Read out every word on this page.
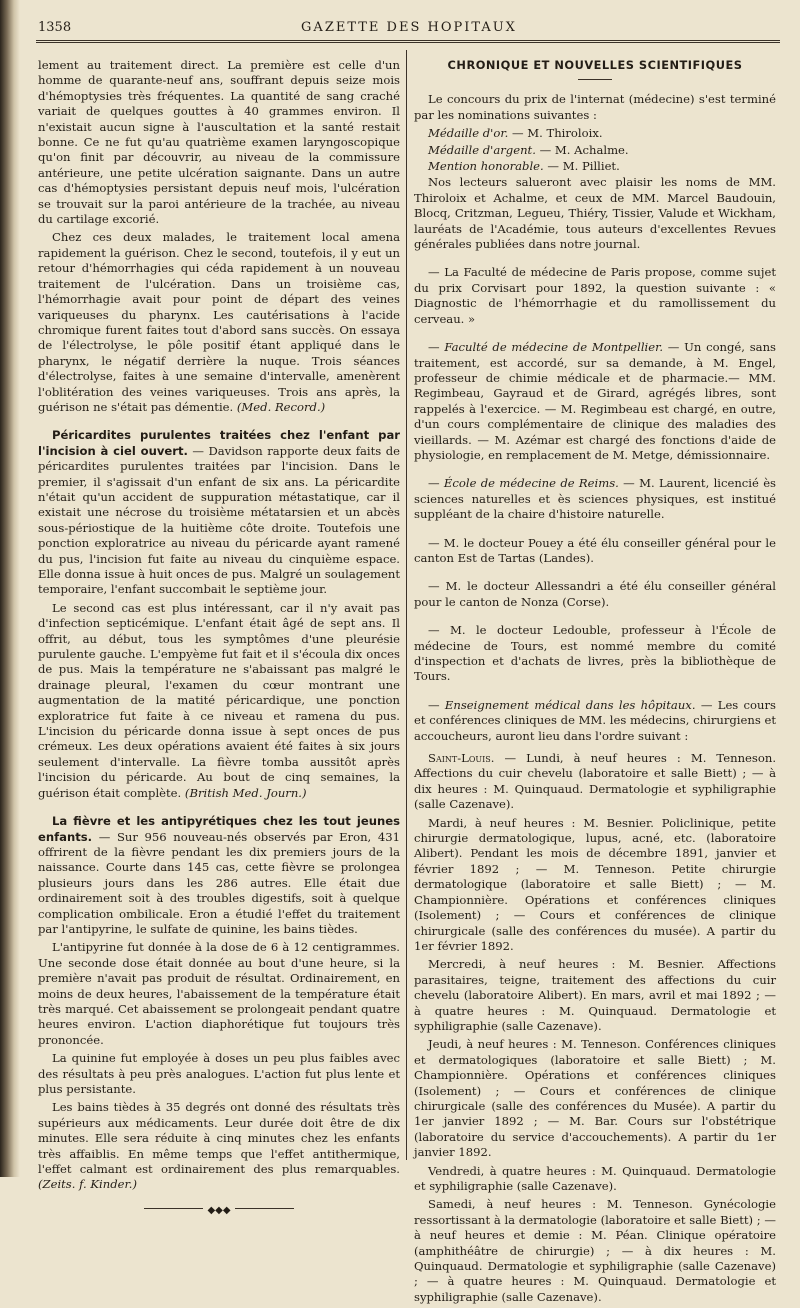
1358	GAZETTE DES HOPITAUX

lement au traitement direct. La première est celle d'un homme de quarante-neuf ans, souffrant depuis seize mois d'hémoptysies très fréquentes. La quantité de sang craché variait de quelques gouttes à 40 grammes environ. Il n'existait aucun signe à l'auscultation et la santé restait bonne. Ce ne fut qu'au quatrième examen laryngoscopique qu'on finit par découvrir, au niveau de la commissure antérieure, une petite ulcération saignante. Dans un autre cas d'hémoptysies persistant depuis neuf mois, l'ulcération se trouvait sur la paroi antérieure de la trachée, au niveau du cartilage excorié.

Chez ces deux malades, le traitement local amena rapidement la guérison. Chez le second, toutefois, il y eut un retour d'hémorrhagies qui céda rapidement à un nouveau traitement de l'ulcération. Dans un troisième cas, l'hémorrhagie avait pour point de départ des veines variqueuses du pharynx. Les cautérisations à l'acide chromique furent faites tout d'abord sans succès. On essaya de l'électrolyse, le pôle positif étant appliqué dans le pharynx, le négatif derrière la nuque. Trois séances d'électrolyse, faites à une semaine d'intervalle, amenèrent l'oblitération des veines variqueuses. Trois ans après, la guérison ne s'était pas démentie. (Med. Record.)

Péricardites purulentes traitées chez l'enfant par l'incision à ciel ouvert. — Davidson rapporte deux faits de péricardites purulentes traitées par l'incision. Dans le premier, il s'agissait d'un enfant de six ans. La péricardite n'était qu'un accident de suppuration métastatique, car il existait une nécrose du troisième métatarsien et un abcès sous-périostique de la huitième côte droite. Toutefois une ponction exploratrice au niveau du péricarde ayant ramené du pus, l'incision fut faite au niveau du cinquième espace. Elle donna issue à huit onces de pus. Malgré un soulagement temporaire, l'enfant succombait le septième jour.

Le second cas est plus intéressant, car il n'y avait pas d'infection septicémique. L'enfant était âgé de sept ans. Il offrit, au début, tous les symptômes d'une pleurésie purulente gauche. L'empyème fut fait et il s'écoula dix onces de pus. Mais la température ne s'abaissant pas malgré le drainage pleural, l'examen du cœur montrant une augmentation de la matité péricardique, une ponction exploratrice fut faite à ce niveau et ramena du pus. L'incision du péricarde donna issue à sept onces de pus crémeux. Les deux opérations avaient été faites à six jours seulement d'intervalle. La fièvre tomba aussitôt après l'incision du péricarde. Au bout de cinq semaines, la guérison était complète. (British Med. Journ.)

La fièvre et les antipyrétiques chez les tout jeunes enfants. — Sur 956 nouveau-nés observés par Eron, 431 offrirent de la fièvre pendant les dix premiers jours de la naissance. Courte dans 145 cas, cette fièvre se prolongea plusieurs jours dans les 286 autres. Elle était due ordinairement soit à des troubles digestifs, soit à quelque complication ombilicale. Eron a étudié l'effet du traitement par l'antipyrine, le sulfate de quinine, les bains tièdes.

L'antipyrine fut donnée à la dose de 6 à 12 centigrammes. Une seconde dose était donnée au bout d'une heure, si la première n'avait pas produit de résultat. Ordinairement, en moins de deux heures, l'abaissement de la température était très marqué. Cet abaissement se prolongeait pendant quatre heures environ. L'action diaphorétique fut toujours très prononcée.

La quinine fut employée à doses un peu plus faibles avec des résultats à peu près analogues. L'action fut plus lente et plus persistante.

Les bains tièdes à 35 degrés ont donné des résultats très supérieurs aux médicaments. Leur durée doit être de dix minutes. Elle sera réduite à cinq minutes chez les enfants très affaiblis. En même temps que l'effet antithermique, l'effet calmant est ordinairement des plus remarquables. (Zeits. f. Kinder.)

◆◆◆

CHRONIQUE ET NOUVELLES SCIENTIFIQUES

Le concours du prix de l'internat (médecine) s'est terminé par les nominations suivantes :

Médaille d'or. — M. Thiroloix.

Médaille d'argent. — M. Achalme.

Mention honorable. — M. Pilliet.

Nos lecteurs salueront avec plaisir les noms de MM. Thiroloix et Achalme, et ceux de MM. Marcel Baudouin, Blocq, Critzman, Legueu, Thiéry, Tissier, Valude et Wickham, lauréats de l'Académie, tous auteurs d'excellentes Revues générales publiées dans notre journal.

— La Faculté de médecine de Paris propose, comme sujet du prix Corvisart pour 1892, la question suivante : « Diagnostic de l'hémorrhagie et du ramollissement du cerveau. »

— Faculté de médecine de Montpellier. — Un congé, sans traitement, est accordé, sur sa demande, à M. Engel, professeur de chimie médicale et de pharmacie.— MM. Regimbeau, Gayraud et de Girard, agrégés libres, sont rappelés à l'exercice. — M. Regimbeau est chargé, en outre, d'un cours complémentaire de clinique des maladies des vieillards. — M. Azémar est chargé des fonctions d'aide de physiologie, en remplacement de M. Metge, démissionnaire.

— École de médecine de Reims. — M. Laurent, licencié ès sciences naturelles et ès sciences physiques, est institué suppléant de la chaire d'histoire naturelle.

— M. le docteur Pouey a été élu conseiller général pour le canton Est de Tartas (Landes).

— M. le docteur Allessandri a été élu conseiller général pour le canton de Nonza (Corse).

— M. le docteur Ledouble, professeur à l'École de médecine de Tours, est nommé membre du comité d'inspection et d'achats de livres, près la bibliothèque de Tours.

— Enseignement médical dans les hôpitaux. — Les cours et conférences cliniques de MM. les médecins, chirurgiens et accoucheurs, auront lieu dans l'ordre suivant :

Saint-Louis. — Lundi, à neuf heures : M. Tenneson. Affections du cuir chevelu (laboratoire et salle Biett) ; — à dix heures : M. Quinquaud. Dermatologie et syphiligraphie (salle Cazenave).

Mardi, à neuf heures : M. Besnier. Policlinique, petite chirurgie dermatologique, lupus, acné, etc. (laboratoire Alibert). Pendant les mois de décembre 1891, janvier et février 1892 ; — M. Tenneson. Petite chirurgie dermatologique (laboratoire et salle Biett) ; — M. Championnière. Opérations et conférences cliniques (Isolement) ; — Cours et conférences de clinique chirurgicale (salle des conférences du musée). A partir du 1er février 1892.

Mercredi, à neuf heures : M. Besnier. Affections parasitaires, teigne, traitement des affections du cuir chevelu (laboratoire Alibert). En mars, avril et mai 1892 ; — à quatre heures : M. Quinquaud. Dermatologie et syphiligraphie (salle Cazenave).

Jeudi, à neuf heures : M. Tenneson. Conférences cliniques et dermatologiques (laboratoire et salle Biett) ; M. Championnière. Opérations et conférences cliniques (Isolement) ; — Cours et conférences de clinique chirurgicale (salle des conférences du Musée). A partir du 1er janvier 1892 ; — M. Bar. Cours sur l'obstétrique (laboratoire du service d'accouchements). A partir du 1er janvier 1892.

Vendredi, à quatre heures : M. Quinquaud. Dermatologie et syphiligraphie (salle Cazenave).

Samedi, à neuf heures : M. Tenneson. Gynécologie ressortissant à la dermatologie (laboratoire et salle Biett) ; — à neuf heures et demie : M. Péan. Clinique opératoire (amphithéâtre de chirurgie) ; — à dix heures : M. Quinquaud. Dermatologie et syphiligraphie (salle Cazenave) ; — à quatre heures : M. Quinquaud. Dermatologie et syphiligraphie (salle Cazenave).
